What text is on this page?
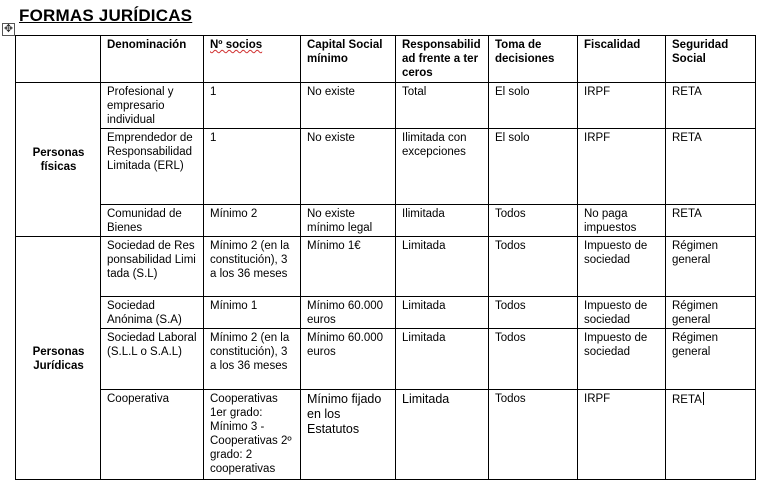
FORMAS JURÍDICAS
✥
	Denominación	Nº socios	Capital Social mínimo	Responsabilidad frente a terceros	Toma de decisiones	Fiscalidad	Seguridad Social
Personas físicas	Profesional y empresario individual	1	No existe	Total	El solo	IRPF	RETA
	Emprendedor de Responsabilidad Limitada (ERL)	1	No existe	Ilimitada con excepciones	El solo	IRPF	RETA
	Comunidad de Bienes	Mínimo 2	No existe mínimo legal	Ilimitada	Todos	No paga impuestos	RETA
Personas Jurídicas	Sociedad de Responsabilidad Limitada (S.L)	Mínimo 2 (en la constitución), 3 a los 36 meses	Mínimo 1€	Limitada	Todos	Impuesto de sociedad	Régimen general
	Sociedad Anónima (S.A)	Mínimo 1	Mínimo 60.000 euros	Limitada	Todos	Impuesto de sociedad	Régimen general
	Sociedad Laboral (S.L.L o S.A.L)	Mínimo 2 (en la constitución), 3 a los 36 meses	Mínimo 60.000 euros	Limitada	Todos	Impuesto de sociedad	Régimen general
	Cooperativa	Cooperativas 1er grado: Mínimo 3 - Cooperativas 2º grado: 2 cooperativas	Mínimo fijado en los Estatutos	Limitada	Todos	IRPF	RETA
